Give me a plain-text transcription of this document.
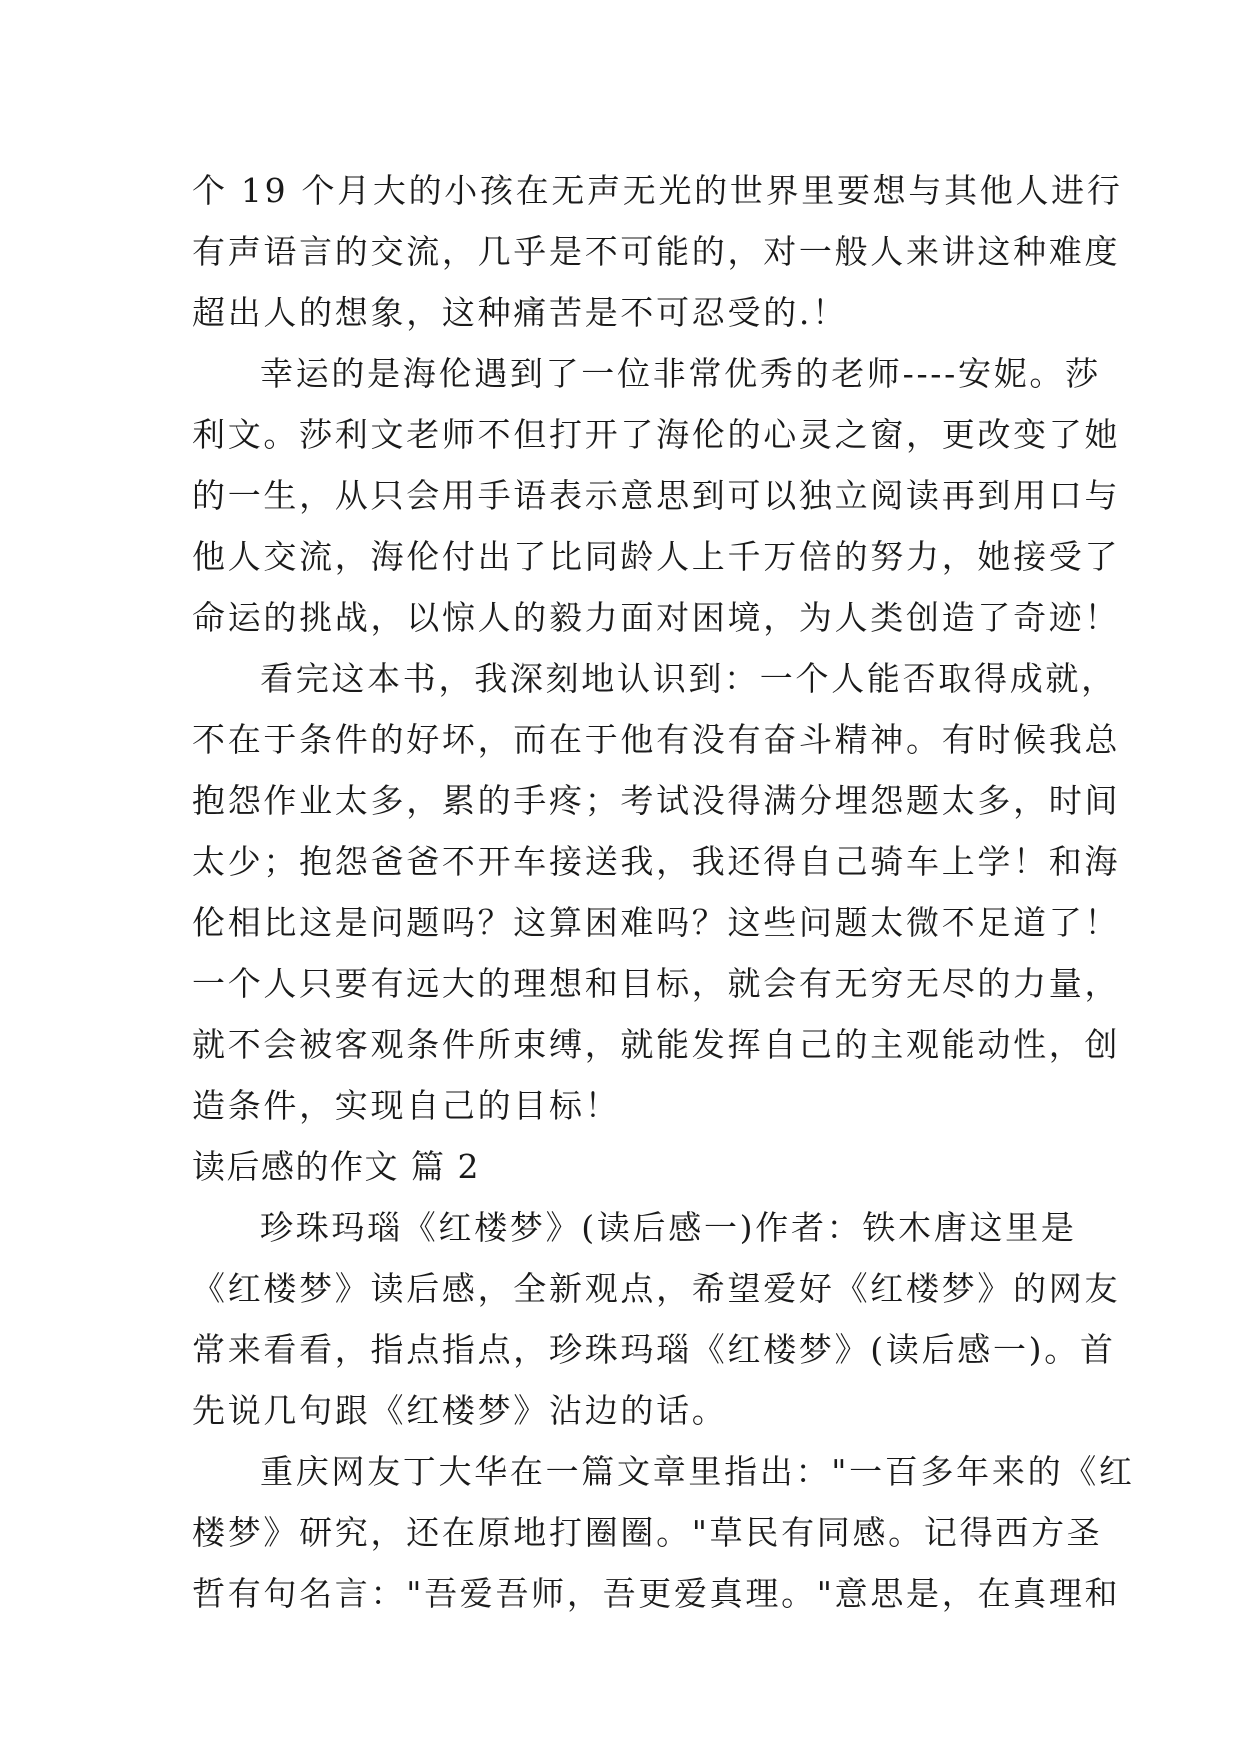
个 19 个月大的小孩在无声无光的世界里要想与其他人进行
有声语言的交流，几乎是不可能的，对一般人来讲这种难度
超出人的想象，这种痛苦是不可忍受的.！
幸运的是海伦遇到了一位非常优秀的老师----安妮。莎
利文。莎利文老师不但打开了海伦的心灵之窗，更改变了她
的一生，从只会用手语表示意思到可以独立阅读再到用口与
他人交流，海伦付出了比同龄人上千万倍的努力，她接受了
命运的挑战，以惊人的毅力面对困境，为人类创造了奇迹！
看完这本书，我深刻地认识到：一个人能否取得成就，
不在于条件的好坏，而在于他有没有奋斗精神。有时候我总
抱怨作业太多，累的手疼；考试没得满分埋怨题太多，时间
太少；抱怨爸爸不开车接送我，我还得自己骑车上学！和海
伦相比这是问题吗？这算困难吗？这些问题太微不足道了！
一个人只要有远大的理想和目标，就会有无穷无尽的力量，
就不会被客观条件所束缚，就能发挥自己的主观能动性，创
造条件，实现自己的目标！
读后感的作文 篇 2
珍珠玛瑙《红楼梦》(读后感一)作者：铁木唐这里是
《红楼梦》读后感，全新观点，希望爱好《红楼梦》的网友
常来看看，指点指点，珍珠玛瑙《红楼梦》(读后感一)。首
先说几句跟《红楼梦》沾边的话。
重庆网友丁大华在一篇文章里指出："一百多年来的《红
楼梦》研究，还在原地打圈圈。"草民有同感。记得西方圣
哲有句名言："吾爱吾师，吾更爱真理。"意思是，在真理和
